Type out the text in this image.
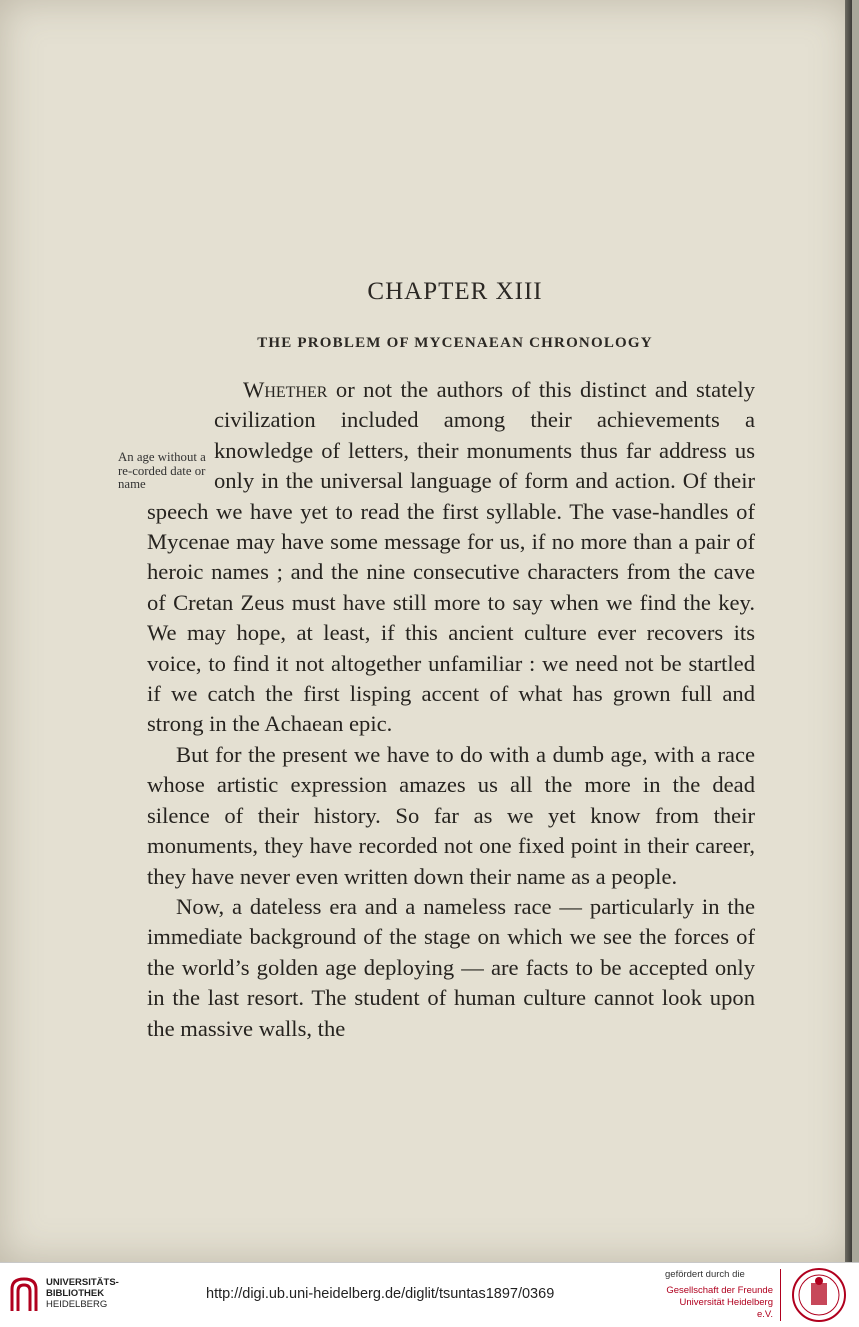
CHAPTER XIII
THE PROBLEM OF MYCENAEAN CHRONOLOGY

An age without a re-corded date or name
Whether or not the authors of this distinct and stately civilization included among their achievements a knowledge of letters, their monuments thus far address us only in the universal language of form and action. Of their speech we have yet to read the first syllable. The vase-handles of Mycenae may have some message for us, if no more than a pair of heroic names ; and the nine consecutive characters from the cave of Cretan Zeus must have still more to say when we find the key. We may hope, at least, if this ancient culture ever recovers its voice, to find it not altogether unfamiliar : we need not be startled if we catch the first lisping accent of what has grown full and strong in the Achaean epic.

But for the present we have to do with a dumb age, with a race whose artistic expression amazes us all the more in the dead silence of their history. So far as we yet know from their monuments, they have recorded not one fixed point in their career, they have never even written down their name as a people.

Now, a dateless era and a nameless race — particularly in the immediate background of the stage on which we see the forces of the world’s golden age deploying — are facts to be accepted only in the last resort. The student of human culture cannot look upon the massive walls, the

UNIVERSITÄTS-
BIBLIOTHEK
HEIDELBERG
http://digi.ub.uni-heidelberg.de/diglit/tsuntas1897/0369
gefördert durch die
Gesellschaft der Freunde
Universität Heidelberg e.V.
